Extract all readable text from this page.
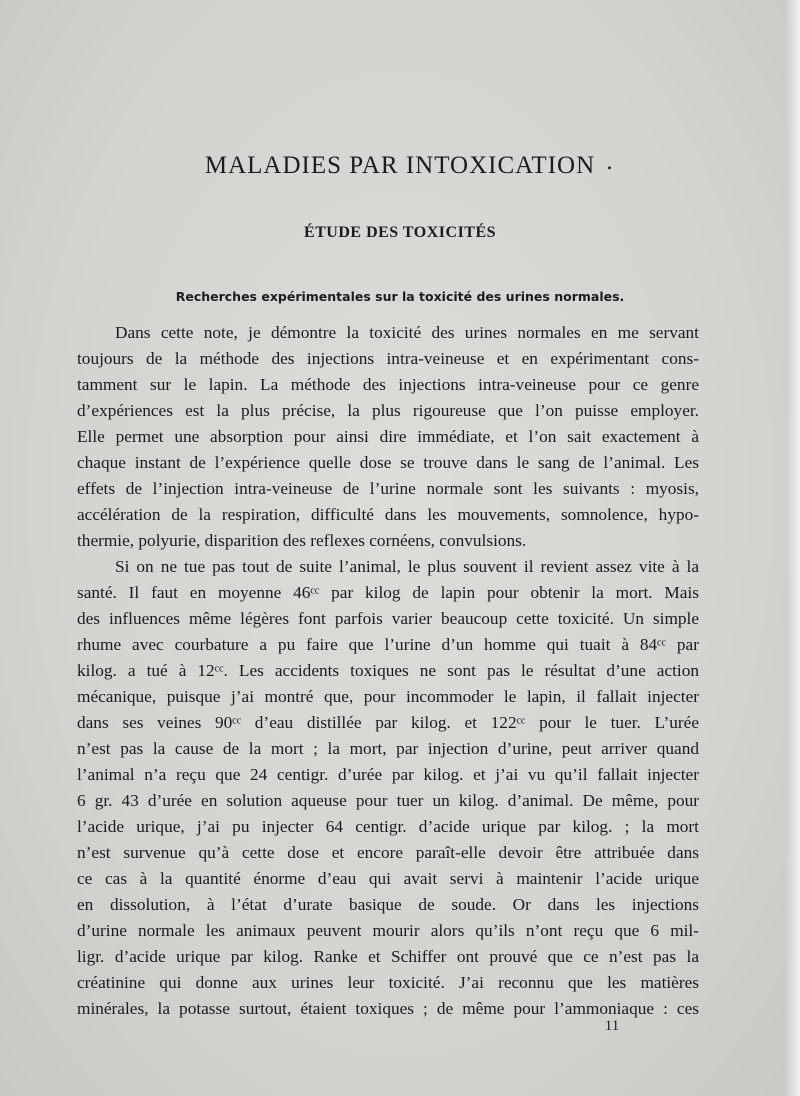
MALADIES PAR INTOXICATION .
ÉTUDE DES TOXICITÉS
Recherches expérimentales sur la toxicité des urines normales.
Dans cette note, je démontre la toxicité des urines normales en me servant
toujours de la méthode des injections intra-veineuse et en expérimentant cons-
tamment sur le lapin. La méthode des injections intra-veineuse pour ce genre
d’expériences est la plus précise, la plus rigoureuse que l’on puisse employer.
Elle permet une absorption pour ainsi dire immédiate, et l’on sait exactement à
chaque instant de l’expérience quelle dose se trouve dans le sang de l’animal. Les
effets de l’injection intra-veineuse de l’urine normale sont les suivants : myosis,
accélération de la respiration, difficulté dans les mouvements, somnolence, hypo-
thermie, polyurie, disparition des reflexes cornéens, convulsions.
Si on ne tue pas tout de suite l’animal, le plus souvent il revient assez vite à la
santé. Il faut en moyenne 46ᶜᶜ par kilog de lapin pour obtenir la mort. Mais
des influences même légères font parfois varier beaucoup cette toxicité. Un simple
rhume avec courbature a pu faire que l’urine d’un homme qui tuait à 84ᶜᶜ par
kilog. a tué à 12ᶜᶜ. Les accidents toxiques ne sont pas le résultat d’une action
mécanique, puisque j’ai montré que, pour incommoder le lapin, il fallait injecter
dans ses veines 90ᶜᶜ d’eau distillée par kilog. et 122ᶜᶜ pour le tuer. L’urée
n’est pas la cause de la mort ; la mort, par injection d’urine, peut arriver quand
l’animal n’a reçu que 24 centigr. d’urée par kilog. et j’ai vu qu’il fallait injecter
6 gr. 43 d’urée en solution aqueuse pour tuer un kilog. d’animal. De même, pour
l’acide urique, j’ai pu injecter 64 centigr. d’acide urique par kilog. ; la mort
n’est survenue qu’à cette dose et encore paraît-elle devoir être attribuée dans
ce cas à la quantité énorme d’eau qui avait servi à maintenir l’acide urique
en dissolution, à l’état d’urate basique de soude. Or dans les injections
d’urine normale les animaux peuvent mourir alors qu’ils n’ont reçu que 6 mil-
ligr. d’acide urique par kilog. Ranke et Schiffer ont prouvé que ce n’est pas la
créatinine qui donne aux urines leur toxicité. J’ai reconnu que les matières
minérales, la potasse surtout, étaient toxiques ; de même pour l’ammoniaque : ces
11
